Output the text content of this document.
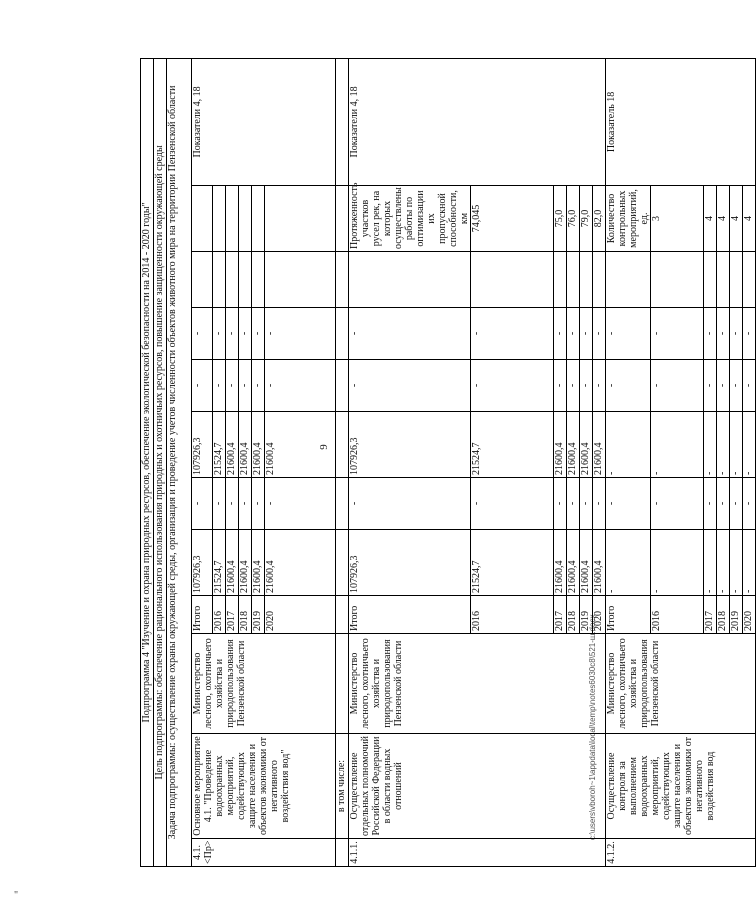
"
9
c:\users\vboroh~1\appdata\local\temp\notes6030c8\521-ш.docx
Подпрограмма 4 "Изучение и охрана природных ресурсов, обеспечение экологической безопасности на 2014 - 2020 годы"											
Цель подпрограммы: обеспечение рационального использования природных и охотничьих ресурсов, повышение защищенности окружающей среды											
Задача подпрограммы: осуществление охраны окружающей среды, организация и проведение учетов численности объектов животного мира на территории Пензенской области											
4.1. <Пр>	Основное мероприятие 4.1. "Проведение водоохранных мероприятий, содействующих защите населения и объектов экономики от негативного воздействия вод"	Министерство лесного, охотничьего хозяйства и природопользования Пензенской области	Итого	107926,3	-	107926,3	-	-			Показатели 4, 18
			2016	21524,7	-	21524,7	-	-			
			2017	21600,4	-	21600,4	-	-			
			2018	21600,4	-	21600,4	-	-			
			2019	21600,4	-	21600,4	-	-			
			2020	21600,4	-	21600,4	-	-			
	в том числе:										
4.1.1.	Осуществление отдельных полномочий Российской Федерации в области водных отношений	Министерство лесного, охотничьего хозяйства и природопользования Пензенской области	Итого	107926,3	-	107926,3	-	-		Протяженность участков русел рек, на которых осуществлены работы по оптимизации их пропускной способности, км	Показатели 4, 18
			2016	21524,7	-	21524,7	-	-		74,045	
			2017	21600,4	-	21600,4	-	-		75,0	
			2018	21600,4	-	21600,4	-	-		76,0	
			2019	21600,4	-	21600,4	-	-		79,0	
			2020	21600,4	-	21600,4	-	-		82,0	
4.1.2.	Осуществление контроля за выполнением водоохранных мероприятий, содействующих защите населения и объектов экономики от негативного воздействия вод	Министерство лесного, охотничьего хозяйства и природопользования Пензенской области	Итого	-	-	-	-	-		Количество контрольных мероприятий, ед.	Показатель 18
			2016	-	-	-	-	-		3	
			2017	-	-	-	-	-		4	
			2018	-	-	-	-	-		4	
			2019	-	-	-	-	-		4	
			2020	-	-	-	-	-		4	
